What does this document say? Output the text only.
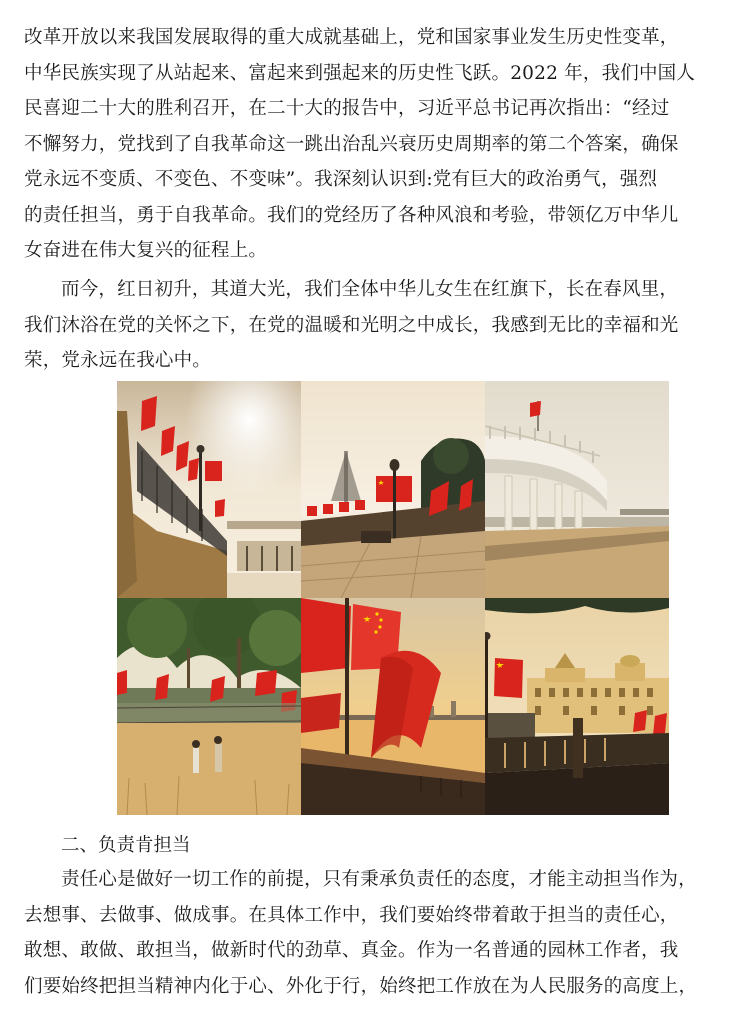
改革开放以来我国发展取得的重大成就基础上，党和国家事业发生历史性变革，
中华民族实现了从站起来、富起来到强起来的历史性飞跃。2022 年，我们中国人
民喜迎二十大的胜利召开，在二十大的报告中，习近平总书记再次指出：“经过
不懈努力，党找到了自我革命这一跳出治乱兴衰历史周期率的第二个答案，确保
党永远不变质、不变色、不变味”。我深刻认识到:党有巨大的政治勇气，强烈
的责任担当，勇于自我革命。我们的党经历了各种风浪和考验，带领亿万中华儿
女奋进在伟大复兴的征程上。

而今，红日初升，其道大光，我们全体中华儿女生在红旗下，长在春风里，
我们沐浴在党的关怀之下，在党的温暖和光明之中成长，我感到无比的幸福和光
荣，党永远在我心中。

二、负责肯担当

责任心是做好一切工作的前提，只有秉承负责任的态度，才能主动担当作为，
去想事、去做事、做成事。在具体工作中，我们要始终带着敢于担当的责任心，
敢想、敢做、敢担当，做新时代的劲草、真金。作为一名普通的园林工作者，我
们要始终把担当精神内化于心、外化于行，始终把工作放在为人民服务的高度上，
